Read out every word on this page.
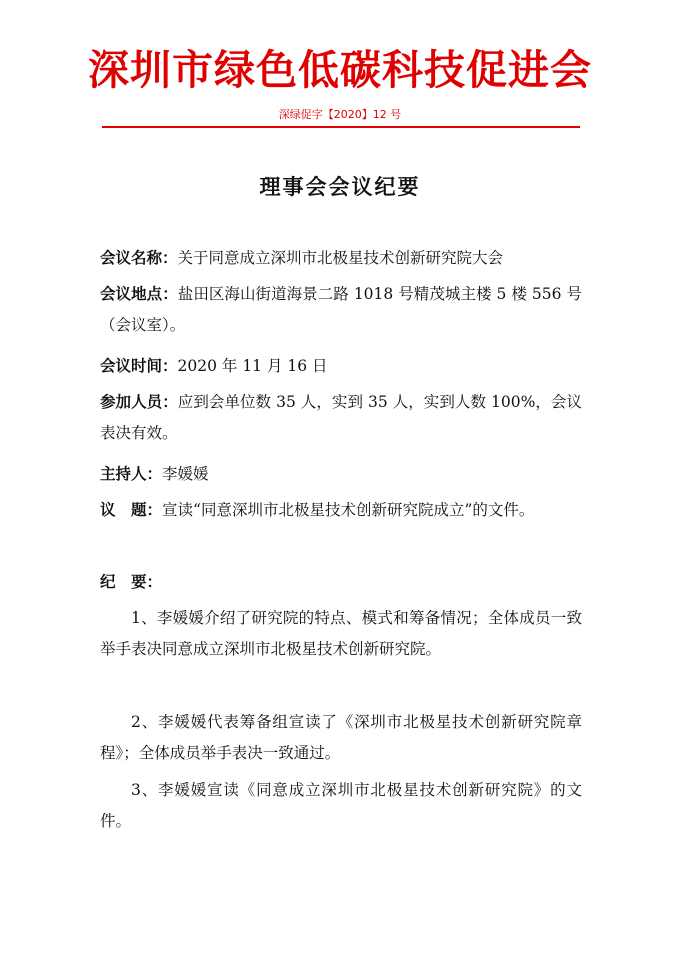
深圳市绿色低碳科技促进会
深绿促字【2020】12 号
理事会会议纪要

会议名称：关于同意成立深圳市北极星技术创新研究院大会

会议地点：盐田区海山街道海景二路 1018 号精茂城主楼 5 楼 556 号（会议室）。

会议时间：2020 年 11 月 16 日

参加人员：应到会单位数 35 人，实到 35 人，实到人数 100%，会议表决有效。

主持人：李媛媛

议　题：宣读“同意深圳市北极星技术创新研究院成立”的文件。

纪　要：

1、李媛媛介绍了研究院的特点、模式和筹备情况；全体成员一致举手表决同意成立深圳市北极星技术创新研究院。

2、李媛媛代表筹备组宣读了《深圳市北极星技术创新研究院章程》；全体成员举手表决一致通过。

3、李媛媛宣读《同意成立深圳市北极星技术创新研究院》的文件。
